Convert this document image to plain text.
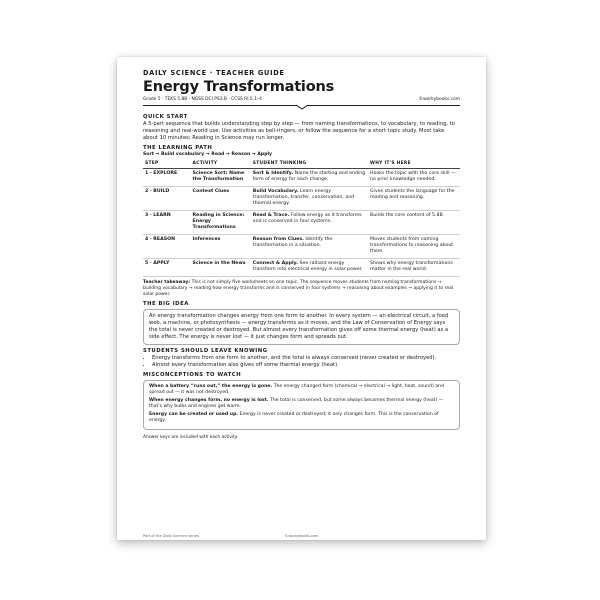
DAILY SCIENCE · TEACHER GUIDE
Energy Transformations
Grade 5 · TEKS 5.8B · NGSS DCI PS3.B · CCSS RI.5.1–4	©workybooks.com
QUICK START
A 5-part sequence that builds understanding step by step — from naming transformations, to vocabulary, to reading, to reasoning and real-world use. Use activities as bell-ringers, or follow the sequence for a short topic study. Most take about 10 minutes; Reading in Science may run longer.
THE LEARNING PATH
Sort → Build vocabulary → Read → Reason → Apply
STEP	ACTIVITY	STUDENT THINKING	WHY IT'S HERE
1 · EXPLORE	Science Sort: Name the Transformation	Sort & Identify. Name the starting and ending form of energy for each change.	Hooks the topic with the core skill — no prior knowledge needed.
2 · BUILD	Context Clues	Build Vocabulary. Learn energy transformation, transfer, conservation, and thermal energy.	Gives students the language for the reading and reasoning.
3 · LEARN	Reading in Science: Energy Transformations	Read & Trace. Follow energy as it transforms and is conserved in four systems.	Builds the core content of 5.8B.
4 · REASON	Inferences	Reason from Clues. Identify the transformation in a situation.	Moves students from naming transformations to reasoning about them.
5 · APPLY	Science in the News	Connect & Apply. See radiant energy transform into electrical energy in solar power.	Shows why energy transformations matter in the real world.
Teacher takeaway: This is not simply five worksheets on one topic. The sequence moves students from naming transformations → building vocabulary → reading how energy transforms and is conserved in four systems → reasoning about examples → applying it to real solar power.
THE BIG IDEA
An energy transformation changes energy from one form to another. In every system — an electrical circuit, a food web, a machine, or photosynthesis — energy transforms as it moves, and the Law of Conservation of Energy says the total is never created or destroyed. But almost every transformation gives off some thermal energy (heat) as a side effect. The energy is never lost — it just changes form and spreads out.
STUDENTS SHOULD LEAVE KNOWING
• Energy transforms from one form to another, and the total is always conserved (never created or destroyed).
• Almost every transformation also gives off some thermal energy (heat).
MISCONCEPTIONS TO WATCH
When a battery “runs out,” the energy is gone. The energy changed form (chemical → electrical → light, heat, sound) and spread out — it was not destroyed.
When energy changes form, no energy is lost. The total is conserved, but some always becomes thermal energy (heat) — that's why bulbs and engines get warm.
Energy can be created or used up. Energy is never created or destroyed; it only changes form. This is the conservation of energy.
Answer keys are included with each activity.
Part of the Daily Science series	©workybooks.com
